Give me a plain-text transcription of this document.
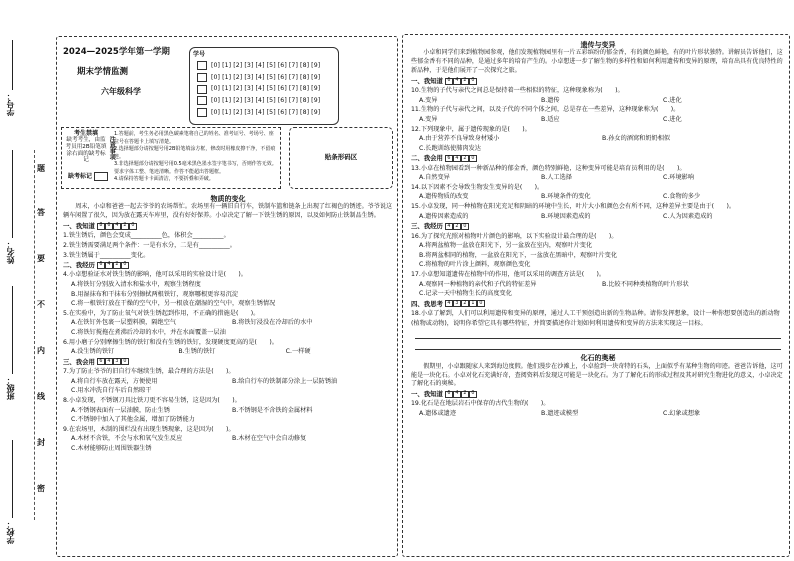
学号：
姓名：
班级：
学校：
题
答
要
不
内
线
封
密
2024—2025学年第一学期
期末学情监测
六年级科学
学号
[0] [1] [2] [3] [4] [5] [6] [7] [8] [9]
[0] [1] [2] [3] [4] [5] [6] [7] [8] [9]
[0] [1] [2] [3] [4] [5] [6] [7] [8] [9]
[0] [1] [2] [3] [4] [5] [6] [7] [8] [9]
[0] [1] [2] [3] [4] [5] [6] [7] [8] [9]
考生禁填
缺考考生，由监考员用2B铅笔填涂右面的缺考标记
注意事项
1.答题前，考生务必用黑色碳素笔将自己的姓名、准考证号、考场号、座位号在答题卡上填写清楚。
2.选择题部分请按题号用2B铅笔填涂方框，修改时用橡皮擦干净，不留痕迹。
3.非选择题部分请按题号用0.5毫米黑色墨水签字笔书写，否则作答无效。要求字体工整、笔迹清晰。作答不能超出答题框。
4.请保持答题卡卡面清洁，不要折叠和弄破。
缺考标记
贴条形码区
物质的变化
周末，小卓和爸爸一起去爷爷的农场帮忙。农场里有一辆旧自行车，铁制车篮和链条上出现了红褐色的锈迹。爷爷说这辆车闲置了很久，因为放在露天车库里，没有好好保养。小卓决定了解一下铁生锈的原因，以及如何防止铁制品生锈。
一、我知道 8	6	4	2	0
1.铁生锈后，颜色会变成__________色，体积会__________。
2.铁生锈需要满足两个条件：一是有水分，二是有__________。
3.铁生锈属于__________变化。
二、我经历 6	4	2	0
4.小卓想验证水对铁生锈的影响，他可以采用的实验设计是(　　)。
A.将铁钉分别放入清水和盐水中，观察生锈程度
B.用湿抹布和干抹布分别擦拭两根铁钉，观察哪根更容易沉淀
C.将一根铁钉放在干燥的空气中，另一根放在潮湿的空气中，观察生锈情况
5.在实验中，为了防止氧气对铁生锈起到作用，不正确的措施是(　　)。
A.在铁钉外包裹一层塑料膜，隔绝空气	B.将铁钉浸没在冷却后的水中
C.将铁钉搅拖在煮沸后冷却的水中，并在水面覆盖一层油
6.用小磨子分别摩擦生锈的铁钉和没有生锈的铁钉，发现硬度更高的是(　　)。
A.没生锈的铁钉	B.生锈的铁钉	C.一样硬
三、我会用 6	4	3	0
7.为了防止爷爷的旧自行车继续生锈，最合理的方法是(　　)。
A.将自行车放在露天，方便使用	B.给自行车的铁制部分涂上一层防锈油
C.用水冲洗自行车后自然晾干
8.小卓发现，不锈钢刀具比铁刀更不容易生锈，这是因为(　　)。
A.不锈钢表面有一层油膜，防止生锈	B.不锈钢是不含铁的金属材料
C.不锈钢中加入了其他金属，增加了防锈能力
9.在农场里，木制的围栏没有出现生锈现象，这是因为(　　)。
A.木材不含铁，不会与水和氧气发生反应	B.木材在空气中会自动修复
C.木材能够防止周围铁器生锈
遗传与变异
小卓和同学们来到植物园参观，他们发现植物园里有一片五彩缤纷的郁金香，有的颜色鲜艳，有的叶片形状独特。讲解员告诉他们，这些郁金香有不同的品种，是通过多年的培育产生的。小卓想进一步了解生物的多样性和如何利用遗传和变异的原理，培育出具有优良特性的新品种，于是他们展开了一次探究之旅。
一、我知道 6	4	2	0
10.生物的子代与亲代之间总是保持着一些相似的特征，这种现象称为(　　)。
A.变异	B.遗传	C.进化
11.生物的子代与亲代之间，以及子代的不同个体之间，总是存在一些差异，这种现象称为(　　)。
A.变异	B.适应	C.进化
12.下列现象中，属于遗传现象的是(　　)。
A.由于营养不良导致身材矮小	B.孙女的酒窝和奶奶相似
C.长跑训练使肺肉发达
二、我会用 6	4	2	0
13.小卓在植物园看到一种新品种的郁金香，颜色特别鲜艳，这种变异可能是培育员利用的是(　　)。
A.自然变异	B.人工选择	C.环境影响
14.以下因素不会导致生物发生变异的是(　　)。
A.遗传物质的改变	B.环境条件的变化	C.食物的多少
15.小卓发现，同一种植物在阳光充足和阴暗的环境中生长，叶片大小和颜色会有所不同，这种差异主要是由于(　　)。
A.遗传因素造成的	B.环境因素造成的	C.人为因素造成的
三、我经历 4	2	0
16.为了探究光照对植物叶片颜色的影响，以下实验设计最合理的是(　　)。
A.将两盆植物一盆放在阳光下，另一盆放在室内，观察叶片变化
B.将两盆相同的植物，一盆放在阳光下，一盆放在黑暗中，观察叶片变化
C.将植物的叶片涂上颜料，观察颜色变化
17.小卓想知道遗传在植物中的作用，他可以采用的调查方法是(　　)。
A.观察同一种植物的亲代和子代的特征差异	B.比较不同种类植物的叶片形状
C.记录一天中植物生长的高度变化
四、我思考 4	3	2	1	0
18.小卓了解到，人们可以利用遗传和变异的原理，通过人工干预创造出新的生物品种。请你发挥想象，设计一种你想要创造出的新动物(植物或动物)，说明你希望它具有哪些特征，并简要描述你计划如何利用遗传和变异的方法来实现这一目标。
化石的奥秘
假期里，小卓跟随家人来到海边度假。他们漫步在沙滩上，小卓捡到一块奇特的石头，上面似乎有某种生物的印迹。爸爸告诉他，这可能是一块化石。小卓对化石充满好奇，查阅资料后发现这可能是一块化石。为了了解化石的形成过程及其对研究生物进化的意义，小卓决定了解化石的奥秘。
一、我知道 6	4	2	0
19.化石是在地层岩石中保存的古代生物的(　　)。
A.遗体或遗迹	B.遗迹或模型	C.幻象或想象
